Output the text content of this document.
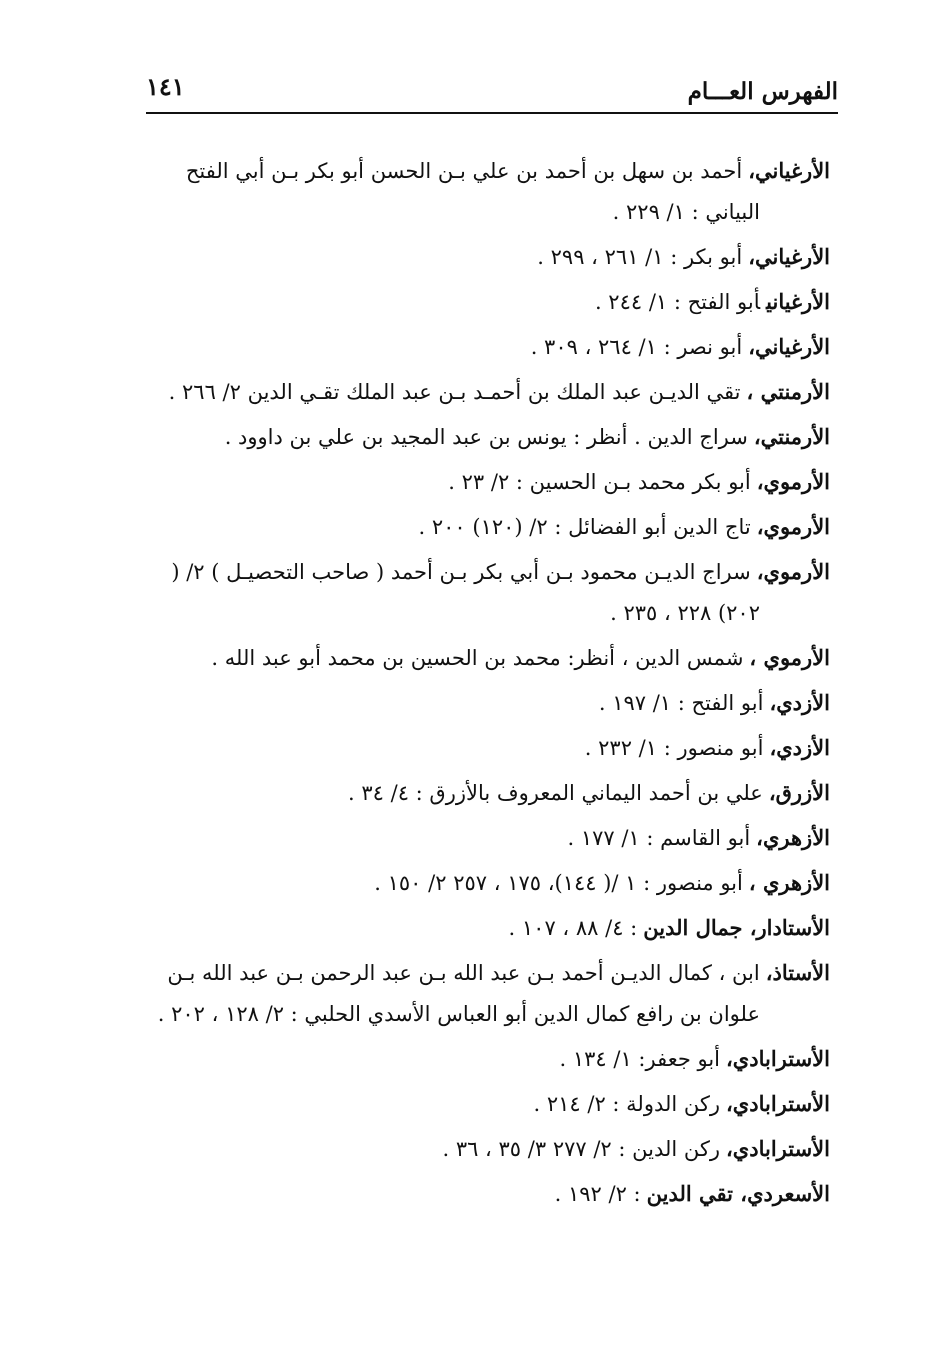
١٤١	الفهرس العـــام
الأرغياني،أحمد بن سهل بن أحمد بن علي بـن الحسن أبو بكر بـن أبي الفتح البياني : ١/ ٢٢٩ .
الأرغياني،أبو بكر : ١/ ٢٦١ ، ٢٩٩ .
الأرغيانيأبو الفتح : ١/ ٢٤٤ .
الأرغياني،أبو نصر : ١/ ٢٦٤ ، ٣٠٩ .
الأرمنتي ،تقي الديـن عبد الملك بن أحمـد بـن عبد الملك تقـي الدين ٢/ ٢٦٦ .
الأرمنتي،سراج الدين . أنظر : يونس بن عبد المجيد بن علي بن داوود .
الأرموي،أبو بكر محمد بـن الحسين : ٢/ ٢٣ .
الأرموي،تاج الدين أبو الفضائل : ٢/ (١٢٠) ٢٠٠ .
الأرموي،سراج الديـن محمود بـن أبي بكر بـن أحمد ( صاحب التحصيـل ) ٢/ ( ٢٠٢) ٢٢٨ ، ٢٣٥ .
الأرموي ،شمس الدين ، أنظر: محمد بن الحسين بن محمد أبو عبد الله .
الأزدي،أبو الفتح : ١/ ١٩٧ .
الأزدي،أبو منصور : ١/ ٢٣٢ .
الأزرق،علي بن أحمد اليماني المعروف بالأزرق : ٤/ ٣٤ .
الأزهري،أبو القاسم : ١/ ١٧٧ .
الأزهري ،أبو منصور : ١ /( ١٤٤)، ١٧٥ ، ٢٥٧ ٢/ ١٥٠ .
الأستادار، جمال الدين: ٤/ ٨٨ ، ١٠٧ .
الأستاذ،ابن ، كمال الديـن أحمد بـن عبد الله بـن عبد الرحمن بـن عبد الله بـن علوان بن رافع كمال الدين أبو العباس الأسدي الحلبي : ٢/ ١٢٨ ، ٢٠٢ .
الأسترابادي،أبو جعفر: ١/ ١٣٤ .
الأسترابادي،ركن الدولة : ٢/ ٢١٤ .
الأسترابادي،ركن الدين : ٢/ ٢٧٧ ٣/ ٣٥ ، ٣٦ .
الأسعردي، تقي الدين: ٢/ ١٩٢ .
